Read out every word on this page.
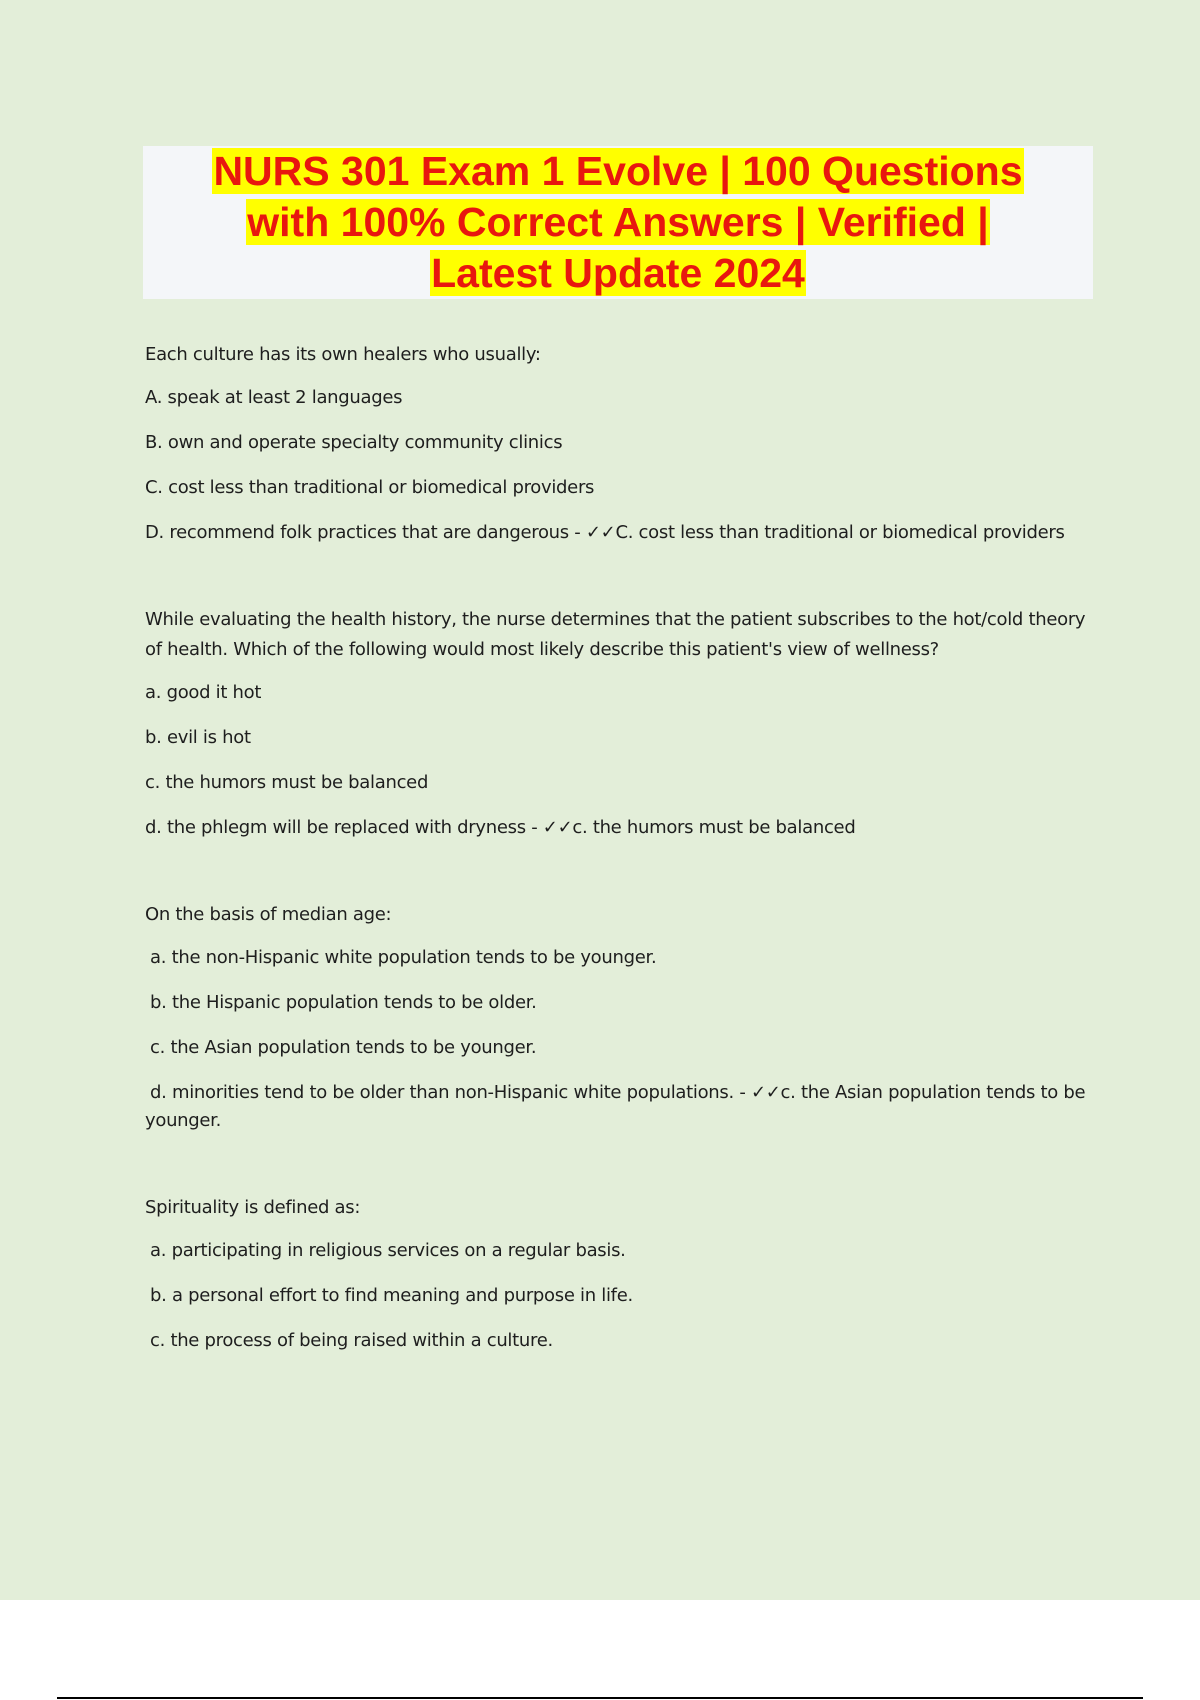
NURS 301 Exam 1 Evolve | 100 Questions
with 100% Correct Answers | Verified |
Latest Update 2024
Each culture has its own healers who usually:
A. speak at least 2 languages
B. own and operate specialty community clinics
C. cost less than traditional or biomedical providers
D. recommend folk practices that are dangerous - ✓✓C. cost less than traditional or biomedical providers
While evaluating the health history, the nurse determines that the patient subscribes to the hot/cold theory of health. Which of the following would most likely describe this patient's view of wellness?
a. good it hot
b. evil is hot
c. the humors must be balanced
d. the phlegm will be replaced with dryness - ✓✓c. the humors must be balanced
On the basis of median age:
a. the non-Hispanic white population tends to be younger.
b. the Hispanic population tends to be older.
c. the Asian population tends to be younger.
d. minorities tend to be older than non-Hispanic white populations. - ✓✓c. the Asian population tends to be younger.
Spirituality is defined as:
a. participating in religious services on a regular basis.
b. a personal effort to find meaning and purpose in life.
c. the process of being raised within a culture.
